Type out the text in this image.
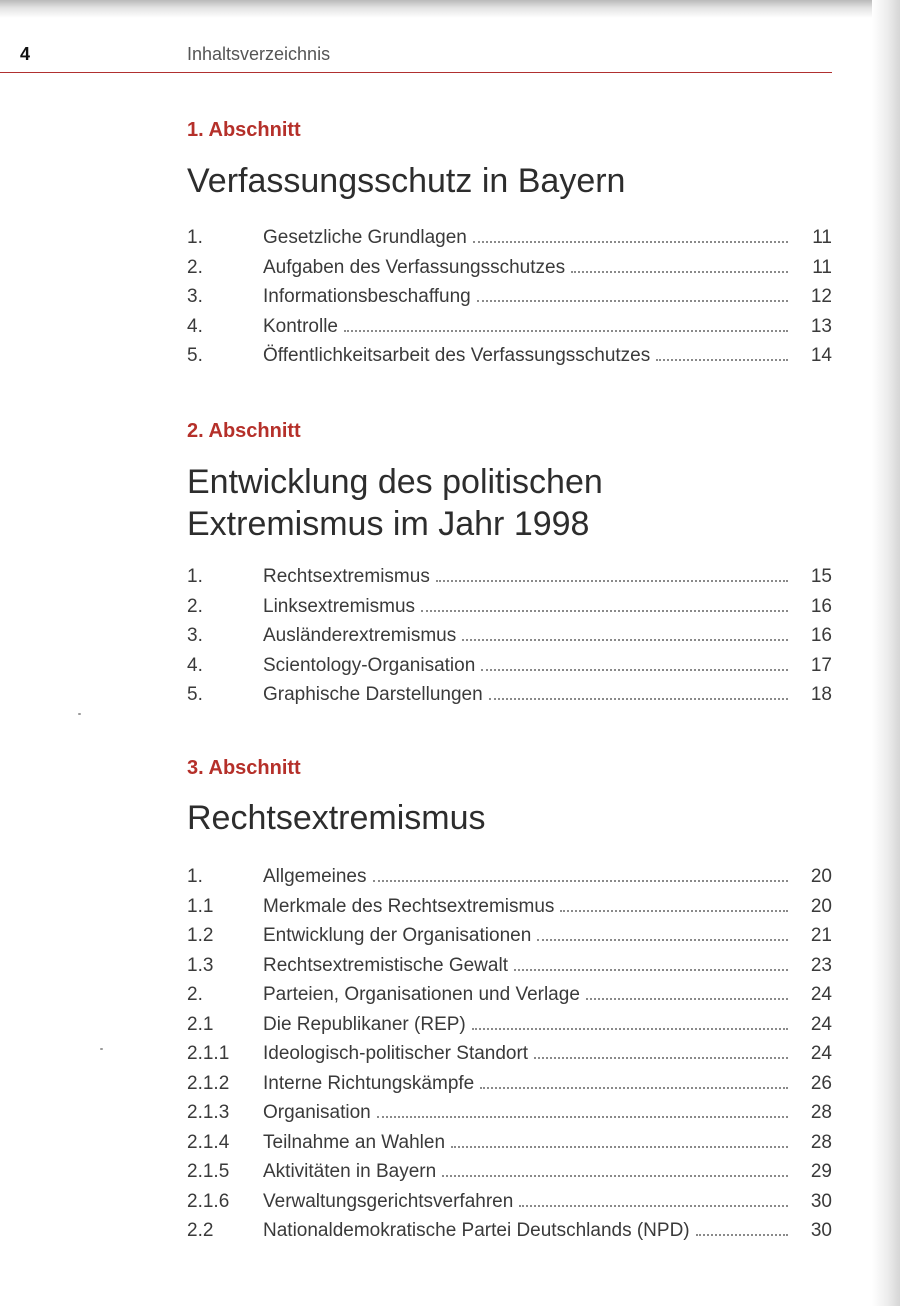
4	Inhaltsverzeichnis
1. Abschnitt
Verfassungsschutz in Bayern
1.	Gesetzliche Grundlagen	11
2.	Aufgaben des Verfassungsschutzes	11
3.	Informationsbeschaffung	12
4.	Kontrolle	13
5.	Öffentlichkeitsarbeit des Verfassungsschutzes	14
2. Abschnitt
Entwicklung des politischen
Extremismus im Jahr 1998
1.	Rechtsextremismus	15
2.	Linksextremismus	16
3.	Ausländerextremismus	16
4.	Scientology-Organisation	17
5.	Graphische Darstellungen	18
3. Abschnitt
Rechtsextremismus
1.	Allgemeines	20
1.1	Merkmale des Rechtsextremismus	20
1.2	Entwicklung der Organisationen	21
1.3	Rechtsextremistische Gewalt	23
2.	Parteien, Organisationen und Verlage	24
2.1	Die Republikaner (REP)	24
2.1.1	Ideologisch-politischer Standort	24
2.1.2	Interne Richtungskämpfe	26
2.1.3	Organisation	28
2.1.4	Teilnahme an Wahlen	28
2.1.5	Aktivitäten in Bayern	29
2.1.6	Verwaltungsgerichtsverfahren	30
2.2	Nationaldemokratische Partei Deutschlands (NPD)	30
